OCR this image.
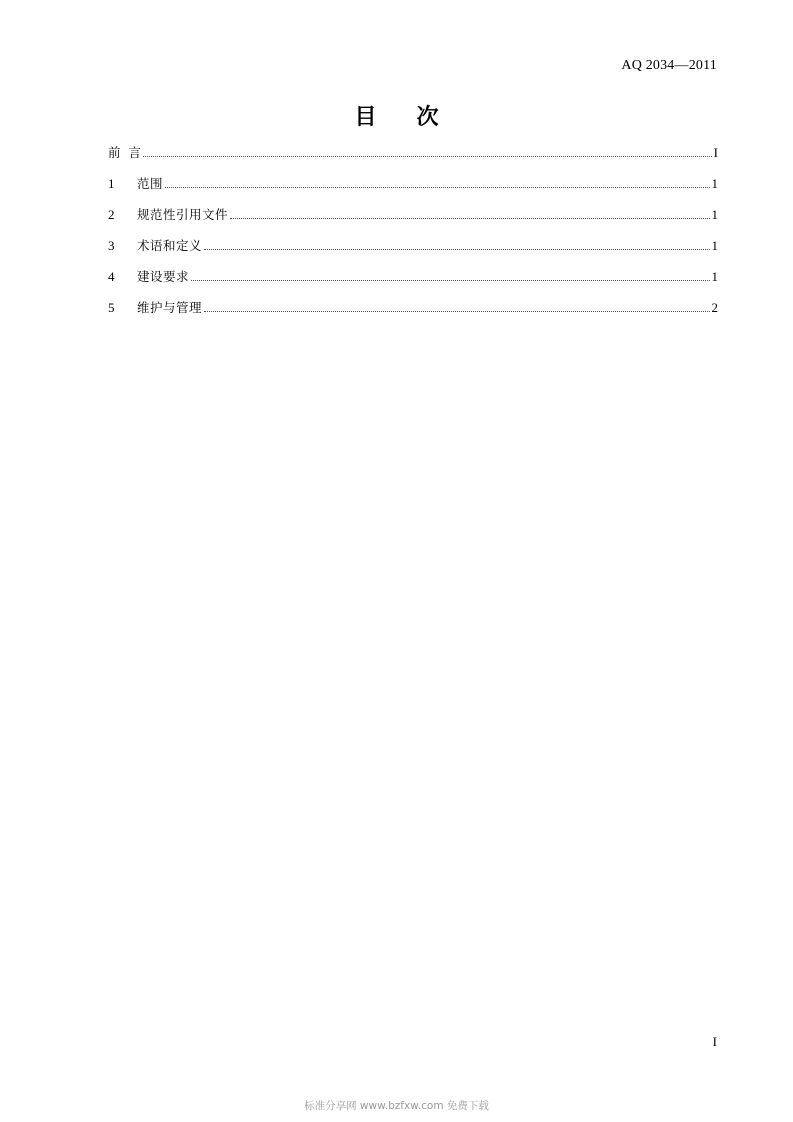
AQ 2034—2011
目 次
前 言	I
1	范围	1
2	规范性引用文件	1
3	术语和定义	1
4	建设要求	1
5	维护与管理	2
I
标准分享网 www.bzfxw.com 免费下载
